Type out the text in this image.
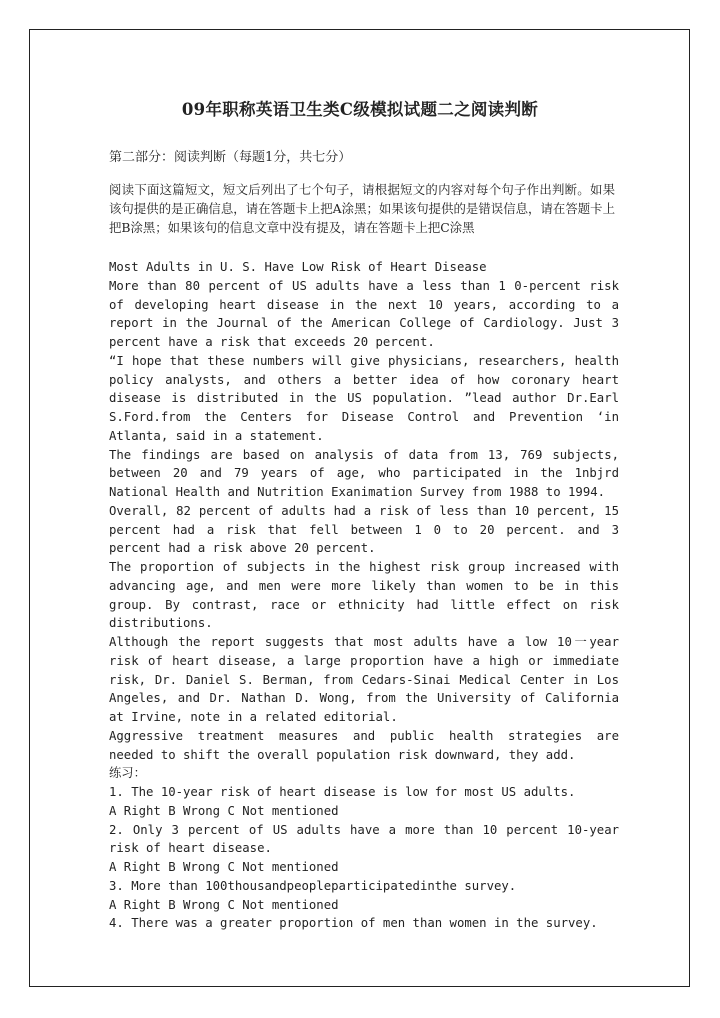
09年职称英语卫生类C级模拟试题二之阅读判断
第二部分：阅读判断（每题1分，共七分）
阅读下面这篇短文，短文后列出了七个句子，请根据短文的内容对每个句子作出判断。如果该句提供的是正确信息，请在答题卡上把A涂黑；如果该句提供的是错误信息，请在答题卡上把B涂黑；如果该句的信息文章中没有提及，请在答题卡上把C涂黑

Most Adults in U. S. Have Low Risk of Heart Disease

More than 80 percent of US adults have a less than 1 0-percent risk of developing heart disease in the next 10 years, according to a report in the Journal of the American College of Cardiology. Just 3 percent have a risk that exceeds 20 percent.

“I hope that these numbers will give physicians, researchers, health policy analysts, and others a better idea of how coronary heart disease is distributed in the US population. ”lead author Dr.Earl S.Ford.from the Centers for Disease Control and Prevention ‘in Atlanta, said in a statement.

The findings are based on analysis of data from 13, 769 subjects, between 20 and 79 years of age, who participated in the 1nbjrd National Health and Nutrition Exanimation Survey from 1988 to 1994.

Overall, 82 percent of adults had a risk of less than 10 percent, 15 percent had a risk that fell between 1 0 to 20 percent. and 3 percent had a risk above 20 percent.

The proportion of subjects in the highest risk group increased with advancing age, and men were more likely than women to be in this group. By contrast, race or ethnicity had little effect on risk distributions.

Although the report suggests that most adults have a low 10一year risk of heart disease, a large proportion have a high or immediate risk, Dr. Daniel S. Berman, from Cedars-Sinai Medical Center in Los Angeles, and Dr. Nathan D. Wong, from the University of California at Irvine, note in a related editorial.

Aggressive treatment measures and public health strategies are needed to shift the overall population risk downward, they add.

练习：

1. The 10-year risk of heart disease is low for most US adults.

A Right B Wrong C Not mentioned

2. Only 3 percent of US adults have a more than 10 percent 10-year risk of heart disease.

A Right B Wrong C Not mentioned

3. More than 100thousandpeopleparticipatedinthe survey.

A Right B Wrong C Not mentioned

4. There was a greater proportion of men than women in the survey.
